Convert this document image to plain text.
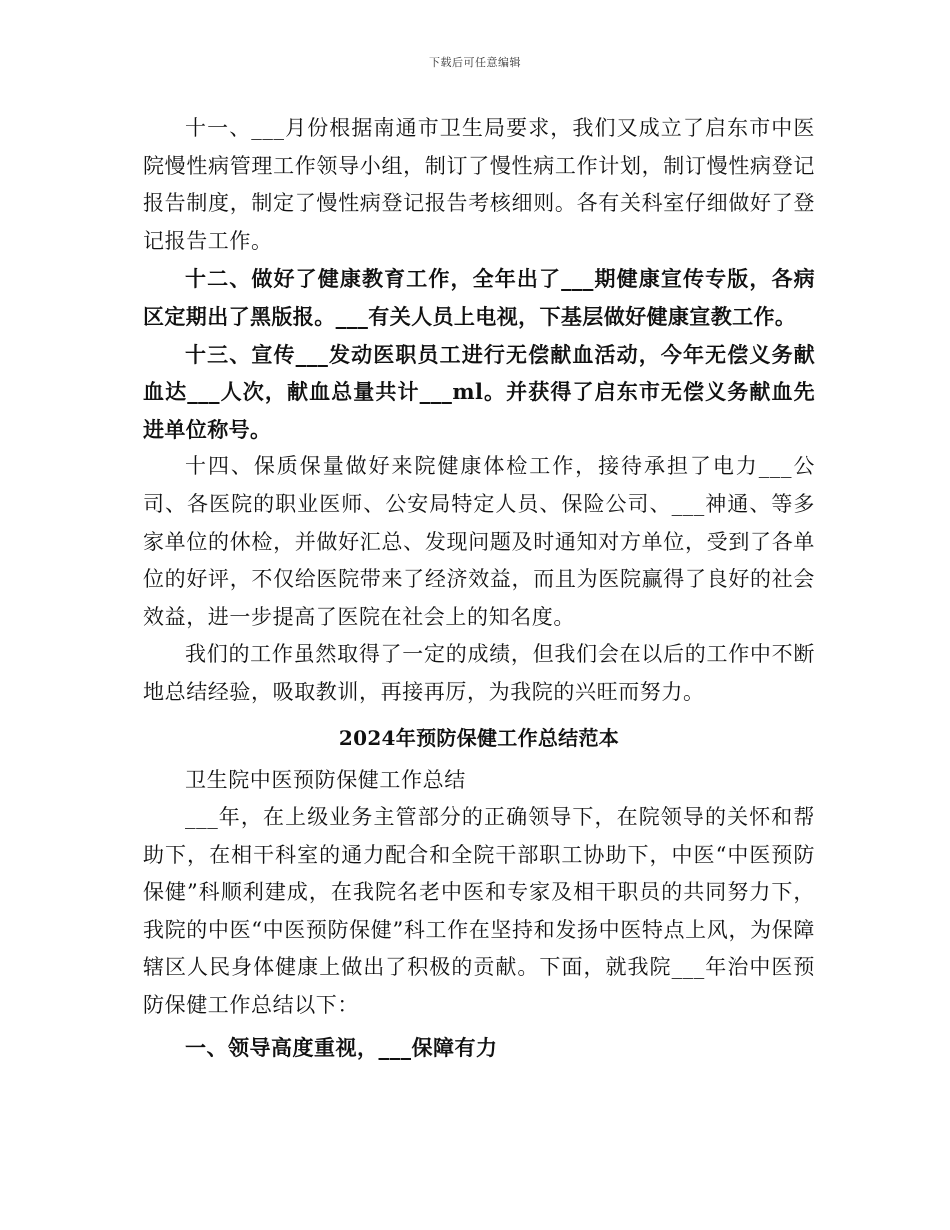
下载后可任意编辑

十一、___月份根据南通市卫生局要求，我们又成立了启东市中医院慢性病管理工作领导小组，制订了慢性病工作计划，制订慢性病登记报告制度，制定了慢性病登记报告考核细则。各有关科室仔细做好了登记报告工作。

十二、做好了健康教育工作，全年出了___期健康宣传专版，各病区定期出了黑版报。___有关人员上电视，下基层做好健康宣教工作。

十三、宣传___发动医职员工进行无偿献血活动，今年无偿义务献血达___人次，献血总量共计___ml。并获得了启东市无偿义务献血先进单位称号。

十四、保质保量做好来院健康体检工作，接待承担了电力___公司、各医院的职业医师、公安局特定人员、保险公司、___神通、等多家单位的休检，并做好汇总、发现问题及时通知对方单位，受到了各单位的好评，不仅给医院带来了经济效益，而且为医院赢得了良好的社会效益，进一步提高了医院在社会上的知名度。

我们的工作虽然取得了一定的成绩，但我们会在以后的工作中不断地总结经验，吸取教训，再接再厉，为我院的兴旺而努力。

2024年预防保健工作总结范本

卫生院中医预防保健工作总结

___年，在上级业务主管部分的正确领导下，在院领导的关怀和帮助下，在相干科室的通力配合和全院干部职工协助下，中医“中医预防保健”科顺利建成，在我院名老中医和专家及相干职员的共同努力下，我院的中医“中医预防保健”科工作在坚持和发扬中医特点上风，为保障辖区人民身体健康上做出了积极的贡献。下面，就我院___年治中医预防保健工作总结以下：

一、领导高度重视，___保障有力
